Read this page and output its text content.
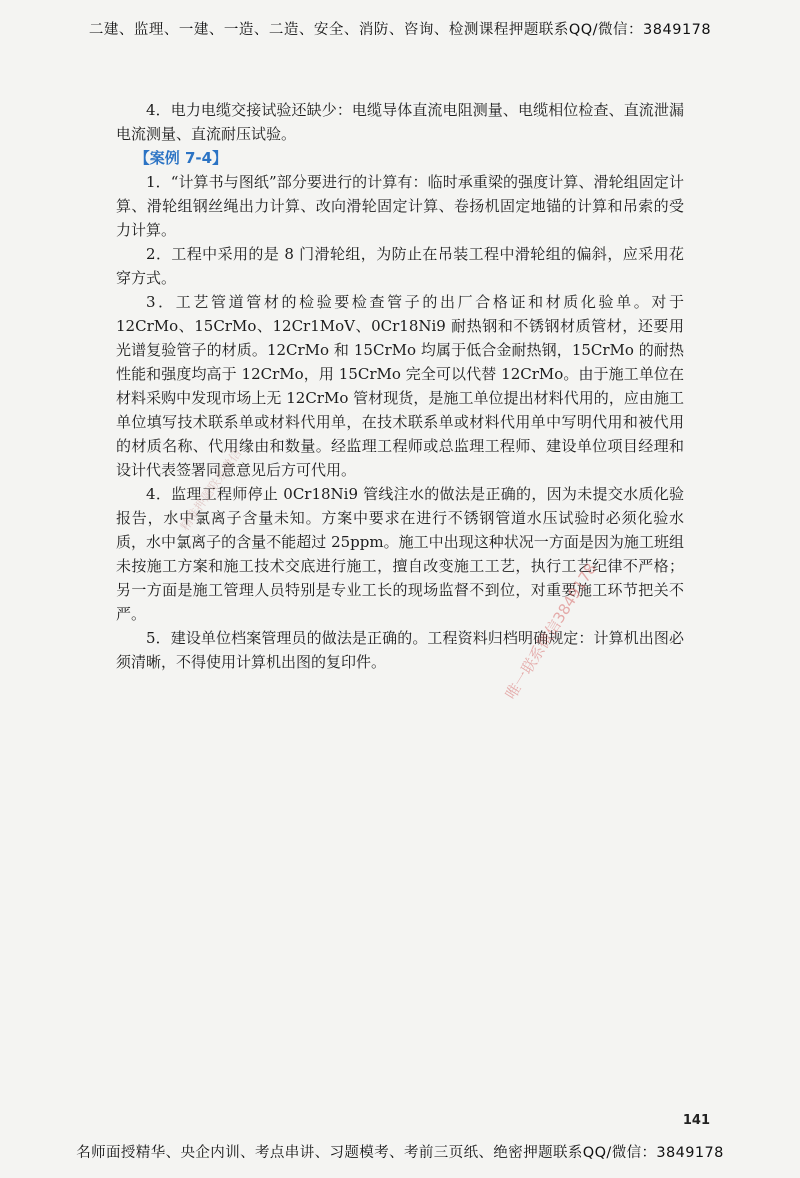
二建、监理、一建、一造、二造、安全、消防、咨询、检测课程押题联系QQ/微信：3849178

4．电力电缆交接试验还缺少：电缆导体直流电阻测量、电缆相位检查、直流泄漏电流测量、直流耐压试验。

【案例 7-4】

1．“计算书与图纸”部分要进行的计算有：临时承重梁的强度计算、滑轮组固定计算、滑轮组钢丝绳出力计算、改向滑轮固定计算、卷扬机固定地锚的计算和吊索的受力计算。

2．工程中采用的是 8 门滑轮组，为防止在吊装工程中滑轮组的偏斜，应采用花穿方式。

3．工艺管道管材的检验要检查管子的出厂合格证和材质化验单。对于 12CrMo、15CrMo、12Cr1MoV、0Cr18Ni9 耐热钢和不锈钢材质管材，还要用光谱复验管子的材质。12CrMo 和 15CrMo 均属于低合金耐热钢，15CrMo 的耐热性能和强度均高于 12CrMo，用 15CrMo 完全可以代替 12CrMo。由于施工单位在材料采购中发现市场上无 12CrMo 管材现货，是施工单位提出材料代用的，应由施工单位填写技术联系单或材料代用单，在技术联系单或材料代用单中写明代用和被代用的材质名称、代用缘由和数量。经监理工程师或总监理工程师、建设单位项目经理和设计代表签署同意意见后方可代用。

4．监理工程师停止 0Cr18Ni9 管线注水的做法是正确的，因为未提交水质化验报告，水中氯离子含量未知。方案中要求在进行不锈钢管道水压试验时必须化验水质，水中氯离子的含量不能超过 25ppm。施工中出现这种状况一方面是因为施工班组未按施工方案和施工技术交底进行施工，擅自改变施工工艺，执行工艺纪律不严格；另一方面是施工管理人员特别是专业工长的现场监督不到位，对重要施工环节把关不严。

5．建设单位档案管理员的做法是正确的。工程资料归档明确规定：计算机出图必须清晰，不得使用计算机出图的复印件。

精准押题联系微信
唯一联系微信3849178
141
名师面授精华、央企内训、考点串讲、习题模考、考前三页纸、绝密押题联系QQ/微信：3849178
